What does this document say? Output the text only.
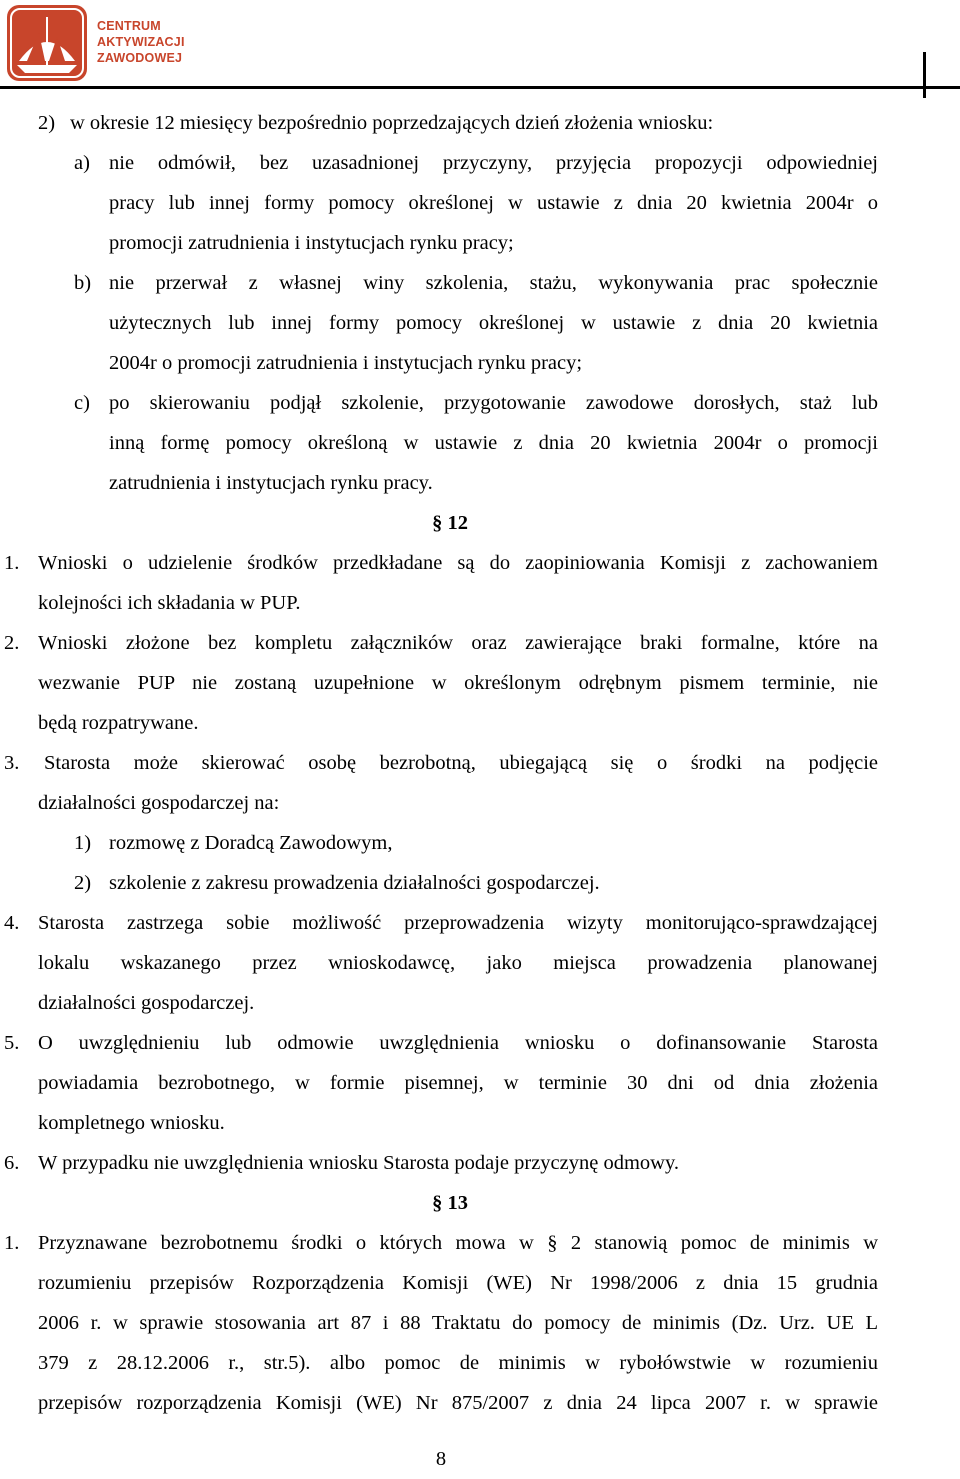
CENTRUM
AKTYWIZACJI
ZAWODOWEJ
2) w okresie 12 miesięcy bezpośrednio poprzedzających dzień złożenia wniosku:
a) nie odmówił, bez uzasadnionej przyczyny, przyjęcia propozycji odpowiedniej
pracy lub innej formy pomocy określonej w ustawie z dnia 20 kwietnia 2004r o
promocji zatrudnienia i instytucjach rynku pracy;
b) nie przerwał z własnej winy szkolenia, stażu, wykonywania prac społecznie
użytecznych lub innej formy pomocy określonej w ustawie z dnia 20 kwietnia
2004r o promocji zatrudnienia i instytucjach rynku pracy;
c) po skierowaniu podjął szkolenie, przygotowanie zawodowe dorosłych, staż lub
inną formę pomocy określoną w ustawie z dnia 20 kwietnia 2004r o promocji
zatrudnienia i instytucjach rynku pracy.
§ 12
1. Wnioski o udzielenie środków przedkładane są do zaopiniowania Komisji z zachowaniem
kolejności ich składania w PUP.
2. Wnioski złożone bez kompletu załączników oraz zawierające braki formalne, które na
wezwanie PUP nie zostaną uzupełnione w określonym odrębnym pismem terminie, nie
będą rozpatrywane.
3. Starosta może skierować osobę bezrobotną, ubiegającą się o środki na podjęcie
działalności gospodarczej na:
1) rozmowę z Doradcą Zawodowym,
2) szkolenie z zakresu prowadzenia działalności gospodarczej.
4. Starosta zastrzega sobie możliwość przeprowadzenia wizyty monitorująco-sprawdzającej
lokalu wskazanego przez wnioskodawcę, jako miejsca prowadzenia planowanej
działalności gospodarczej.
5. O uwzględnieniu lub odmowie uwzględnienia wniosku o dofinansowanie Starosta
powiadamia bezrobotnego, w formie pisemnej, w terminie 30 dni od dnia złożenia
kompletnego wniosku.
6. W przypadku nie uwzględnienia wniosku Starosta podaje przyczynę odmowy.
§ 13
1. Przyznawane bezrobotnemu środki o których mowa w § 2 stanowią pomoc de minimis w
rozumieniu przepisów Rozporządzenia Komisji (WE) Nr 1998/2006 z dnia 15 grudnia
2006 r. w sprawie stosowania art 87 i 88 Traktatu do pomocy de minimis (Dz. Urz. UE L
379 z 28.12.2006 r., str.5). albo pomoc de minimis w rybołówstwie w rozumieniu
przepisów rozporządzenia Komisji (WE) Nr 875/2007 z dnia 24 lipca 2007 r. w sprawie
8
